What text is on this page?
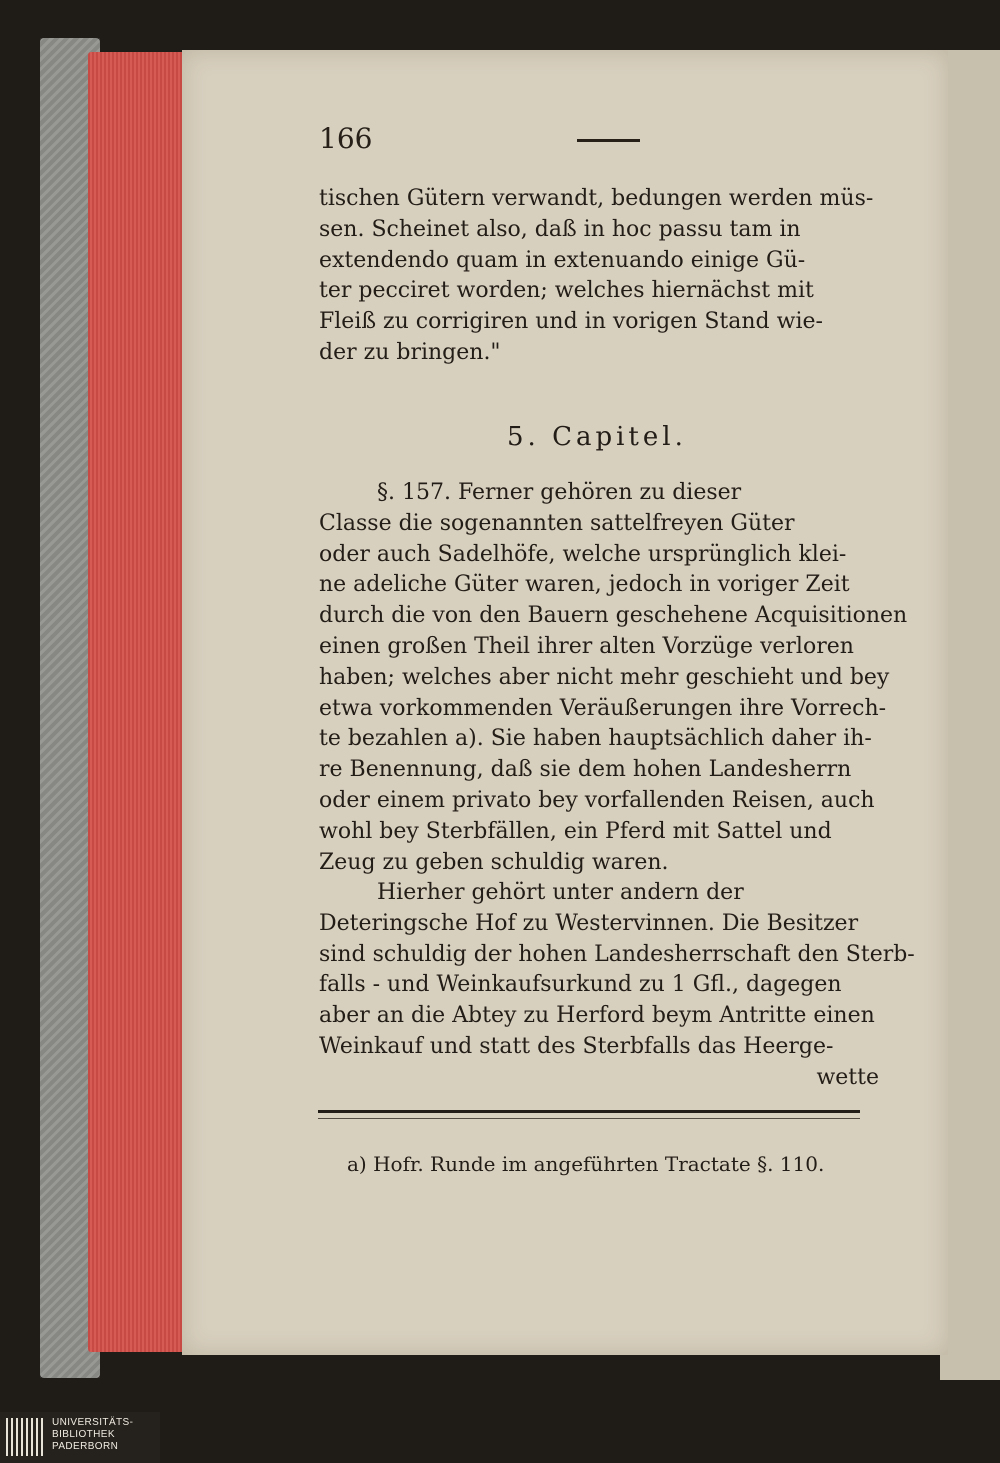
166
tischen Gütern verwandt, bedungen werden müs-
sen. Scheinet also, daß in hoc passu tam in
extendendo quam in extenuando einige Gü-
ter pecciret worden; welches hiernächst mit
Fleiß zu corrigiren und in vorigen Stand wie-
der zu bringen."
5. Capitel.
§. 157. Ferner gehören zu dieser
Classe die sogenannten sattelfreyen Güter
oder auch Sadelhöfe, welche ursprünglich klei-
ne adeliche Güter waren, jedoch in voriger Zeit
durch die von den Bauern geschehene Acquisitionen
einen großen Theil ihrer alten Vorzüge verloren
haben; welches aber nicht mehr geschieht und bey
etwa vorkommenden Veräußerungen ihre Vorrech-
te bezahlen a). Sie haben hauptsächlich daher ih-
re Benennung, daß sie dem hohen Landesherrn
oder einem privato bey vorfallenden Reisen, auch
wohl bey Sterbfällen, ein Pferd mit Sattel und
Zeug zu geben schuldig waren.
Hierher gehört unter andern der
Deteringsche Hof zu Westervinnen. Die Besitzer
sind schuldig der hohen Landesherrschaft den Sterb-
falls - und Weinkaufsurkund zu 1 Gfl., dagegen
aber an die Abtey zu Herford beym Antritte einen
Weinkauf und statt des Sterbfalls das Heerge-
wette
a) Hofr. Runde im angeführten Tractate §. 110.
UNIVERSITÄTS-
BIBLIOTHEK
PADERBORN
